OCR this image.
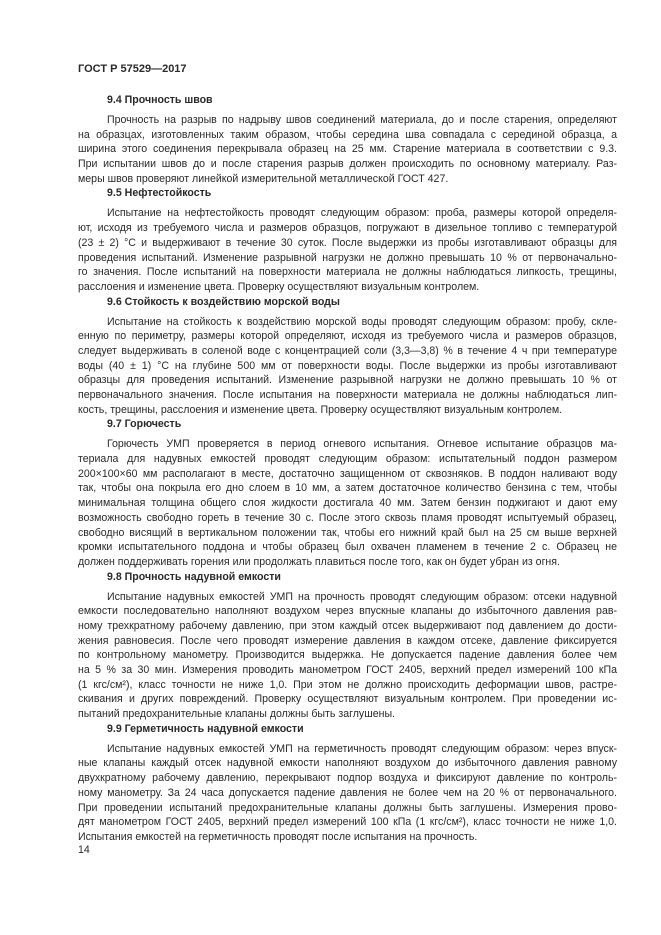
ГОСТ Р 57529—2017
9.4 Прочность швов
Прочность на разрыв по надрыву швов соединений материала, до и после старения, определяют
на образцах, изготовленных таким образом, чтобы середина шва совпадала с серединой образца, а
ширина этого соединения перекрывала образец на 25 мм. Старение материала в соответствии с 9.3.
При испытании швов до и после старения разрыв должен происходить по основному материалу. Раз-
меры швов проверяют линейкой измерительной металлической ГОСТ 427.
9.5 Нефтестойкость
Испытание на нефтестойкость проводят следующим образом: проба, размеры которой определя-
ют, исходя из требуемого числа и размеров образцов, погружают в дизельное топливо с температурой
(23 ± 2) °С и выдерживают в течение 30 суток. После выдержки из пробы изготавливают образцы для
проведения испытаний. Изменение разрывной нагрузки не должно превышать 10 % от первоначально-
го значения. После испытаний на поверхности материала не должны наблюдаться липкость, трещины,
расслоения и изменение цвета. Проверку осуществляют визуальным контролем.
9.6 Стойкость к воздействию морской воды
Испытание на стойкость к воздействию морской воды проводят следующим образом: пробу, скле-
енную по периметру, размеры которой определяют, исходя из требуемого числа и размеров образцов,
следует выдерживать в соленой воде с концентрацией соли (3,3—3,8) % в течение 4 ч при температуре
воды (40 ± 1) °С на глубине 500 мм от поверхности воды. После выдержки из пробы изготавливают
образцы для проведения испытаний. Изменение разрывной нагрузки не должно превышать 10 % от
первоначального значения. После испытания на поверхности материала не должны наблюдаться лип-
кость, трещины, расслоения и изменение цвета. Проверку осуществляют визуальным контролем.
9.7 Горючесть
Горючесть УМП проверяется в период огневого испытания. Огневое испытание образцов ма-
териала для надувных емкостей проводят следующим образом: испытательный поддон размером
200×100×60 мм располагают в месте, достаточно защищенном от сквозняков. В поддон наливают воду
так, чтобы она покрыла его дно слоем в 10 мм, а затем достаточное количество бензина с тем, чтобы
минимальная толщина общего слоя жидкости достигала 40 мм. Затем бензин поджигают и дают ему
возможность свободно гореть в течение 30 с. После этого сквозь пламя проводят испытуемый образец,
свободно висящий в вертикальном положении так, чтобы его нижний край был на 25 см выше верхней
кромки испытательного поддона и чтобы образец был охвачен пламенем в течение 2 с. Образец не
должен поддерживать горения или продолжать плавиться после того, как он будет убран из огня.
9.8 Прочность надувной емкости
Испытание надувных емкостей УМП на прочность проводят следующим образом: отсеки надувной
емкости последовательно наполняют воздухом через впускные клапаны до избыточного давления рав-
ному трехкратному рабочему давлению, при этом каждый отсек выдерживают под давлением до дости-
жения равновесия. После чего проводят измерение давления в каждом отсеке, давление фиксируется
по контрольному манометру. Производится выдержка. Не допускается падение давления более чем
на 5 % за 30 мин. Измерения проводить манометром ГОСТ 2405, верхний предел измерений 100 кПа
(1 кгс/см²), класс точности не ниже 1,0. При этом не должно происходить деформации швов, растре-
скивания и других повреждений. Проверку осуществляют визуальным контролем. При проведении ис-
пытаний предохранительные клапаны должны быть заглушены.
9.9 Герметичность надувной емкости
Испытание надувных емкостей УМП на герметичность проводят следующим образом: через впуск-
ные клапаны каждый отсек надувной емкости наполняют воздухом до избыточного давления равному
двухкратному рабочему давлению, перекрывают подпор воздуха и фиксируют давление по контроль-
ному манометру. За 24 часа допускается падение давления не более чем на 20 % от первоначального.
При проведении испытаний предохранительные клапаны должны быть заглушены. Измерения прово-
дят манометром ГОСТ 2405, верхний предел измерений 100 кПа (1 кгс/см²), класс точности не ниже 1,0.
Испытания емкостей на герметичность проводят после испытания на прочность.
14
